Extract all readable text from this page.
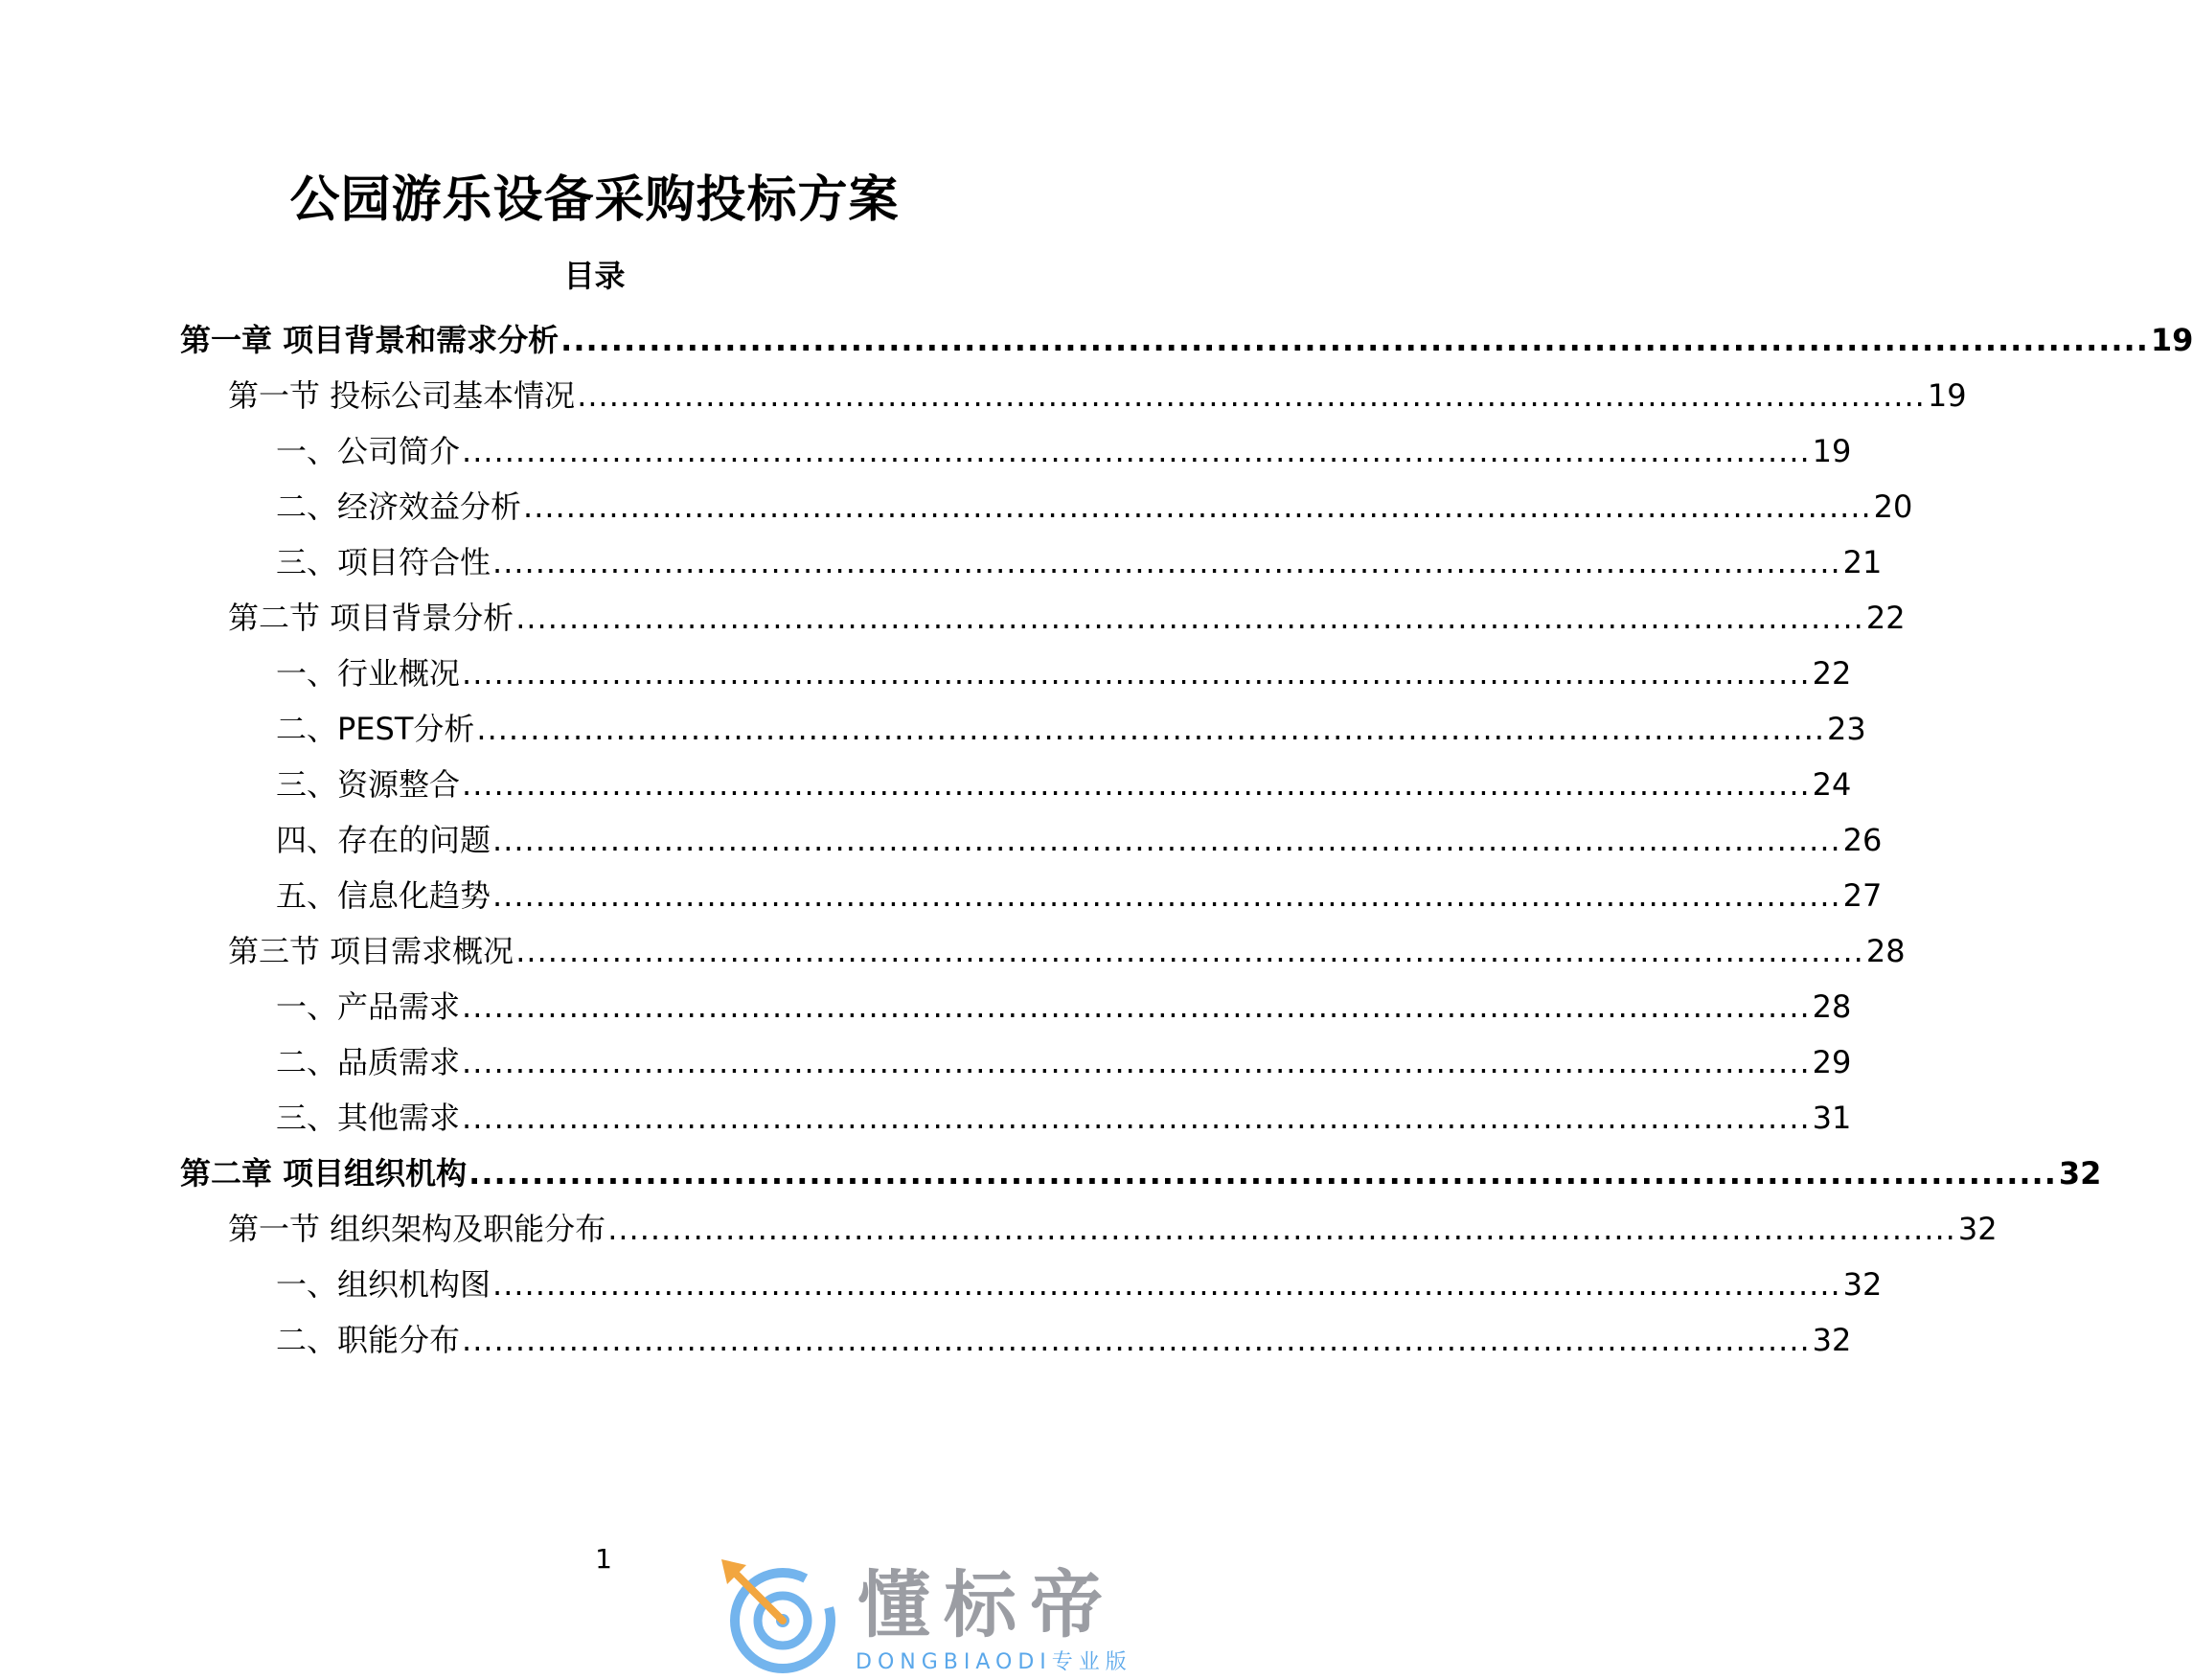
公园游乐设备采购投标方案
目录
第一章 项目背景和需求分析 .............................................................................................................................. 19
第一节 投标公司基本情况 .............................................................................................................................. 19
一、公司简介 .............................................................................................................................. 19
二、经济效益分析 .............................................................................................................................. 20
三、项目符合性 .............................................................................................................................. 21
第二节 项目背景分析 .............................................................................................................................. 22
一、行业概况 .............................................................................................................................. 22
二、PEST分析 .............................................................................................................................. 23
三、资源整合 .............................................................................................................................. 24
四、存在的问题 .............................................................................................................................. 26
五、信息化趋势 .............................................................................................................................. 27
第三节 项目需求概况 .............................................................................................................................. 28
一、产品需求 .............................................................................................................................. 28
二、品质需求 .............................................................................................................................. 29
三、其他需求 .............................................................................................................................. 31
第二章 项目组织机构 .............................................................................................................................. 32
第一节 组织架构及职能分布 .............................................................................................................................. 32
一、组织机构图 .............................................................................................................................. 32
二、职能分布 .............................................................................................................................. 32
1
懂标帝
DONGBIAODI专业版
